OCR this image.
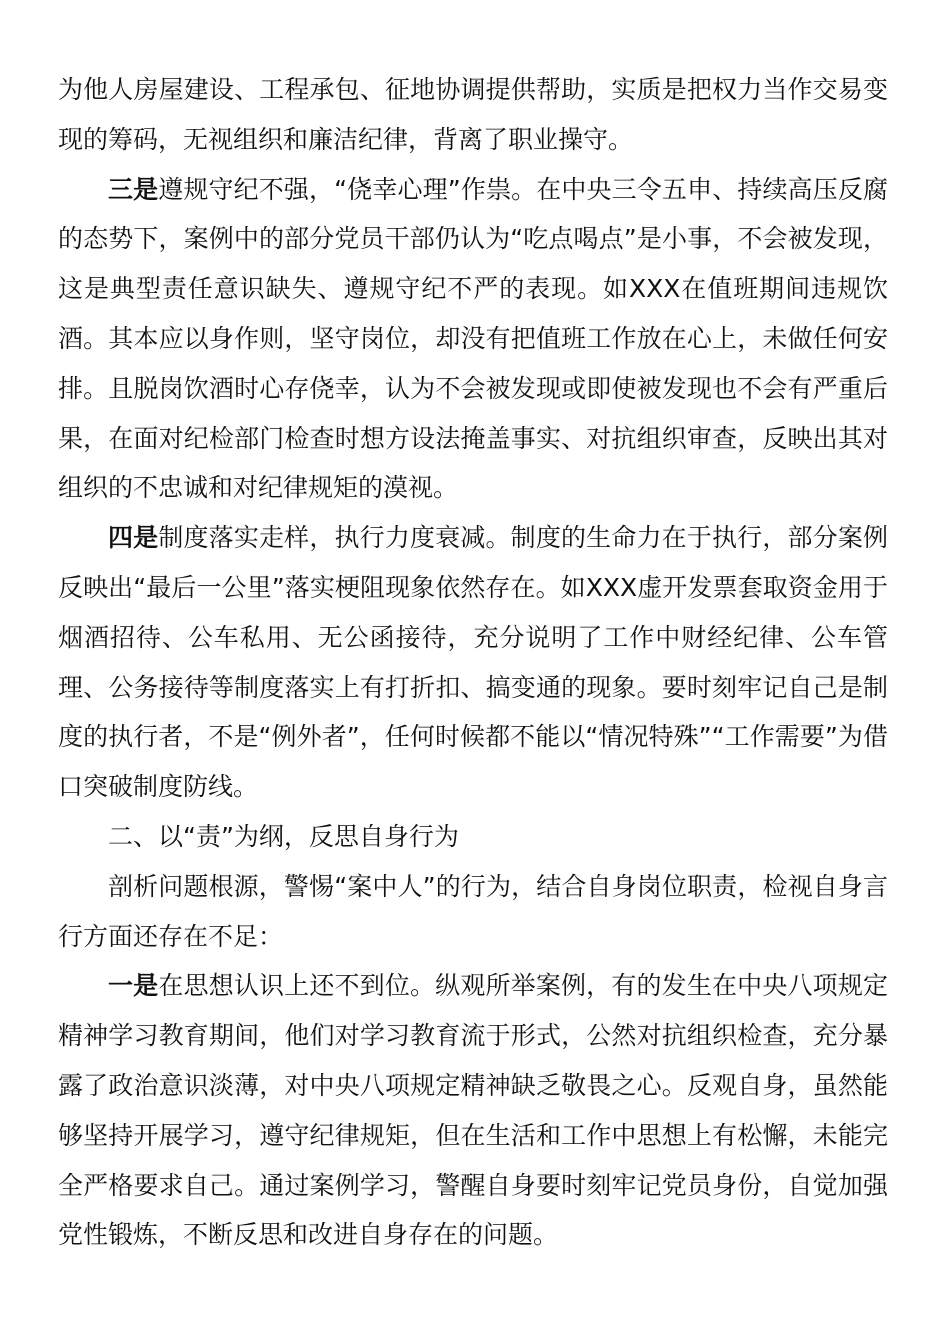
为他人房屋建设、工程承包、征地协调提供帮助，实质是把权力当作交易变现的筹码，无视组织和廉洁纪律，背离了职业操守。

三是遵规守纪不强，“侥幸心理”作祟。在中央三令五申、持续高压反腐的态势下，案例中的部分党员干部仍认为“吃点喝点”是小事，不会被发现，这是典型责任意识缺失、遵规守纪不严的表现。如XXX在值班期间违规饮酒。其本应以身作则，坚守岗位，却没有把值班工作放在心上，未做任何安排。且脱岗饮酒时心存侥幸，认为不会被发现或即使被发现也不会有严重后果，在面对纪检部门检查时想方设法掩盖事实、对抗组织审查，反映出其对组织的不忠诚和对纪律规矩的漠视。

四是制度落实走样，执行力度衰减。制度的生命力在于执行，部分案例反映出“最后一公里”落实梗阻现象依然存在。如XXX虚开发票套取资金用于烟酒招待、公车私用、无公函接待，充分说明了工作中财经纪律、公车管理、公务接待等制度落实上有打折扣、搞变通的现象。要时刻牢记自己是制度的执行者，不是“例外者”，任何时候都不能以“情况特殊”“工作需要”为借口突破制度防线。

二、以“责”为纲，反思自身行为

剖析问题根源，警惕“案中人”的行为，结合自身岗位职责，检视自身言行方面还存在不足：

一是在思想认识上还不到位。纵观所举案例，有的发生在中央八项规定精神学习教育期间，他们对学习教育流于形式，公然对抗组织检查，充分暴露了政治意识淡薄，对中央八项规定精神缺乏敬畏之心。反观自身，虽然能够坚持开展学习，遵守纪律规矩，但在生活和工作中思想上有松懈，未能完全严格要求自己。通过案例学习，警醒自身要时刻牢记党员身份，自觉加强党性锻炼，不断反思和改进自身存在的问题。
